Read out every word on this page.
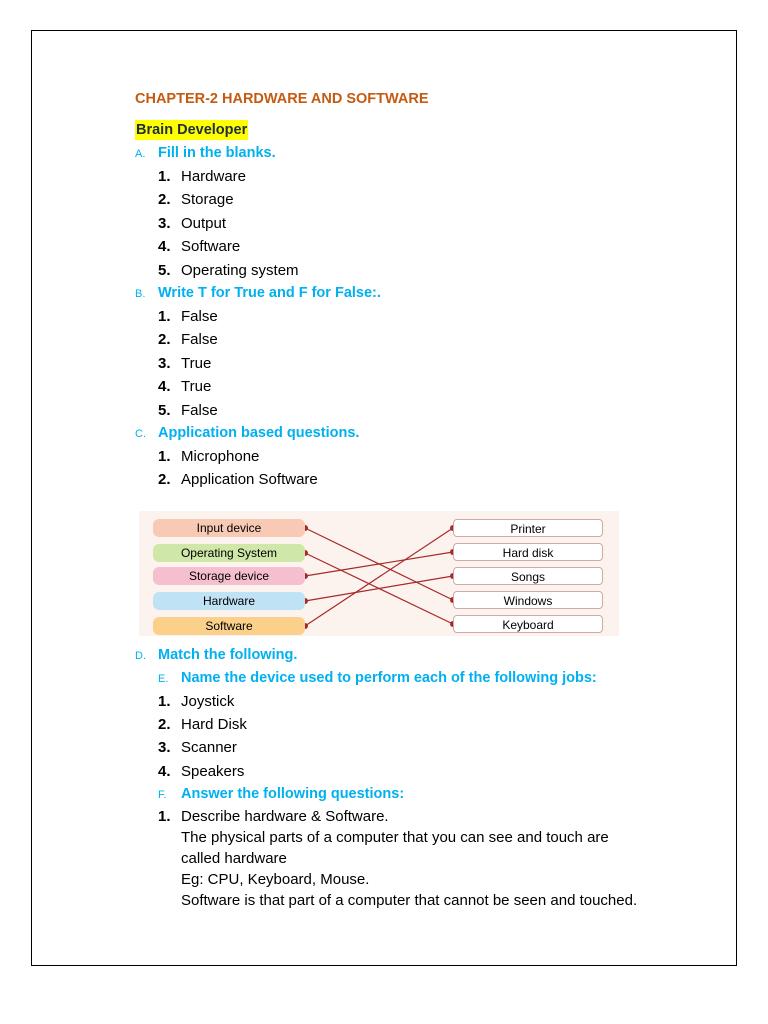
CHAPTER-2 HARDWARE AND SOFTWARE
Brain Developer
A. Fill in the blanks.
1. Hardware
2. Storage
3. Output
4. Software
5. Operating system
B. Write T for True and F for False:.
1. False
2. False
3. True
4. True
5. False
C. Application based questions.
1. Microphone
2. Application Software
Input device
Operating System
Storage device
Hardware
Software
Printer
Hard disk
Songs
Windows
Keyboard
D. Match the following.
E. Name the device used to perform each of the following jobs:
1. Joystick
2. Hard Disk
3. Scanner
4. Speakers
F. Answer the following questions:
1. Describe hardware & Software.

The physical parts of a computer that you can see and touch are called hardware

Eg: CPU, Keyboard, Mouse.

Software is that part of a computer that cannot be seen and touched.
